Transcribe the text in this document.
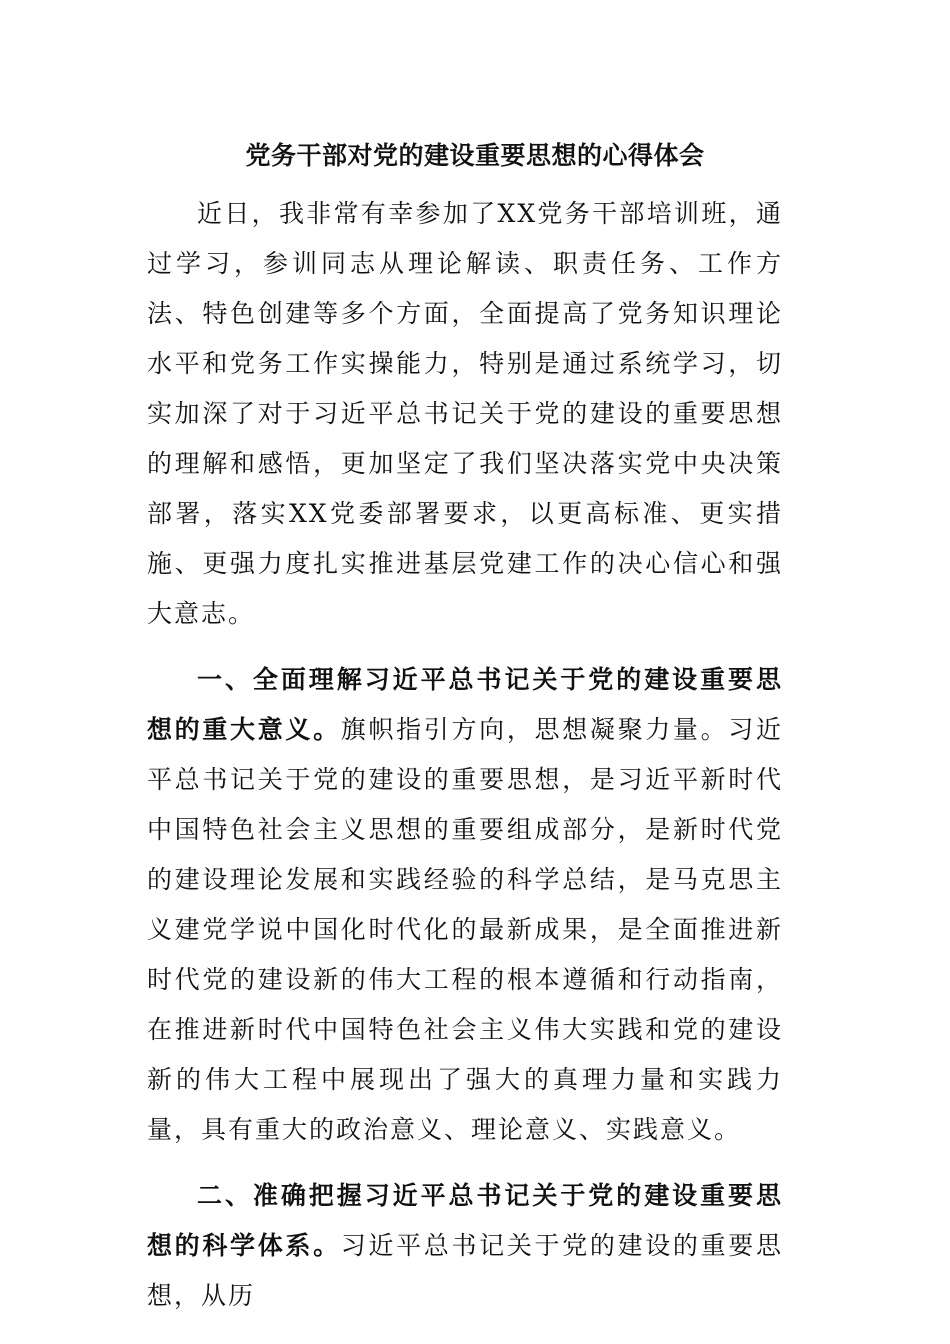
党务干部对党的建设重要思想的心得体会

近日，我非常有幸参加了XX党务干部培训班，通过学习，参训同志从理论解读、职责任务、工作方法、特色创建等多个方面，全面提高了党务知识理论水平和党务工作实操能力，特别是通过系统学习，切实加深了对于习近平总书记关于党的建设的重要思想的理解和感悟，更加坚定了我们坚决落实党中央决策部署，落实XX党委部署要求，以更高标准、更实措施、更强力度扎实推进基层党建工作的决心信心和强大意志。

一、全面理解习近平总书记关于党的建设重要思想的重大意义。旗帜指引方向，思想凝聚力量。习近平总书记关于党的建设的重要思想，是习近平新时代中国特色社会主义思想的重要组成部分，是新时代党的建设理论发展和实践经验的科学总结，是马克思主义建党学说中国化时代化的最新成果，是全面推进新时代党的建设新的伟大工程的根本遵循和行动指南，在推进新时代中国特色社会主义伟大实践和党的建设新的伟大工程中展现出了强大的真理力量和实践力量，具有重大的政治意义、理论意义、实践意义。

二、准确把握习近平总书记关于党的建设重要思想的科学体系。习近平总书记关于党的建设的重要思想，从历
